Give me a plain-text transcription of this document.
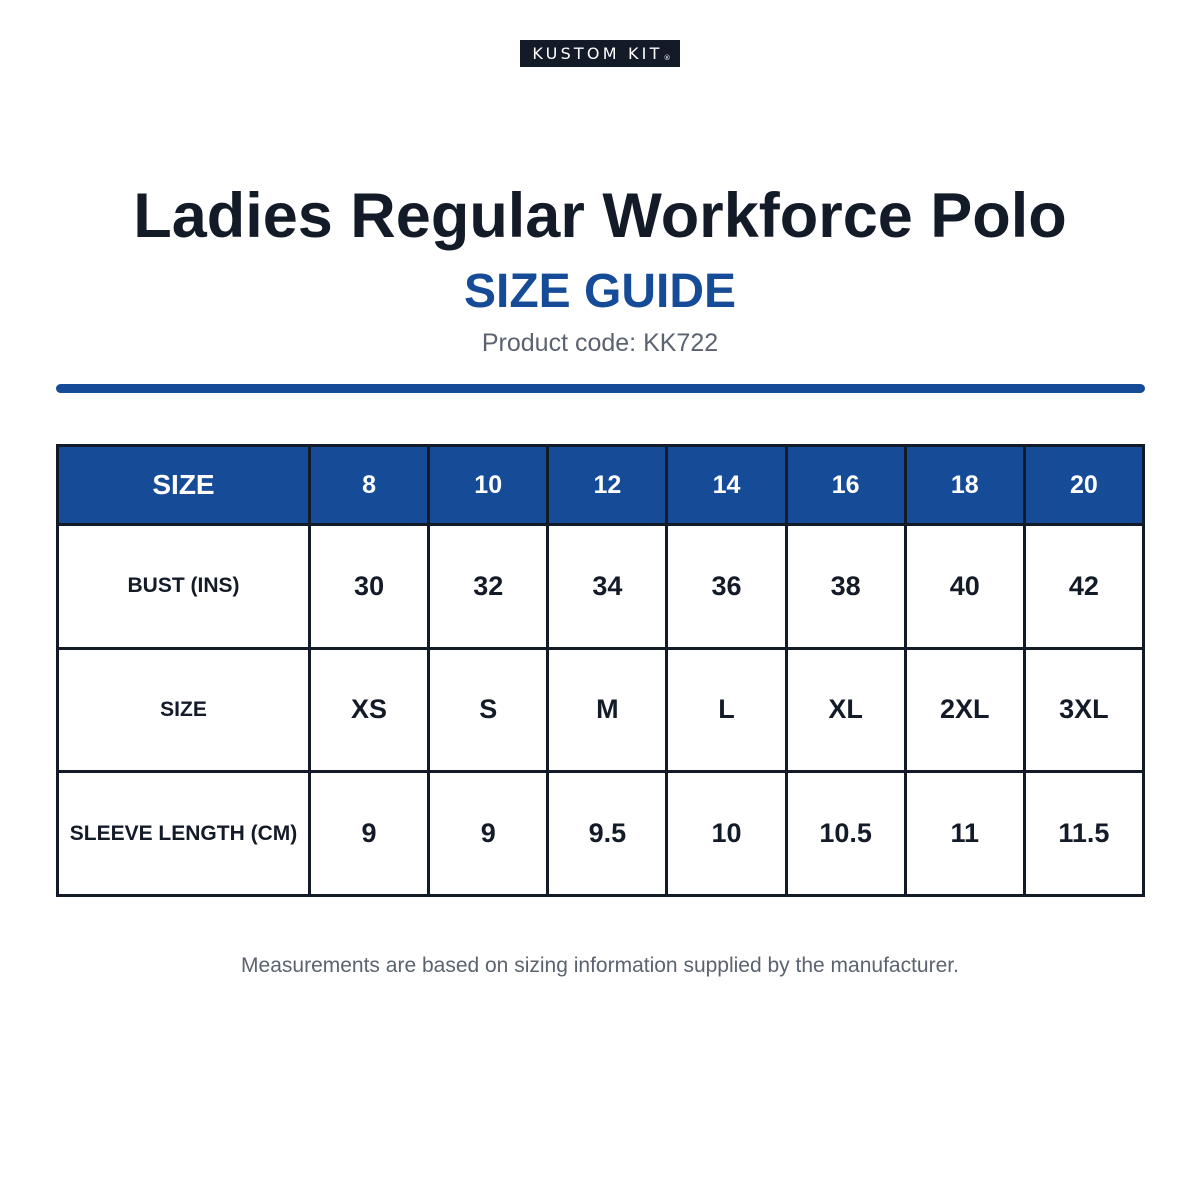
KUSTOM KIT ®
Ladies Regular Workforce Polo
SIZE GUIDE
Product code: KK722
SIZE	8	10	12	14	16	18	20
BUST (INS)	30	32	34	36	38	40	42
SIZE	XS	S	M	L	XL	2XL	3XL
SLEEVE LENGTH (CM)	9	9	9.5	10	10.5	11	11.5
Measurements are based on sizing information supplied by the manufacturer.
